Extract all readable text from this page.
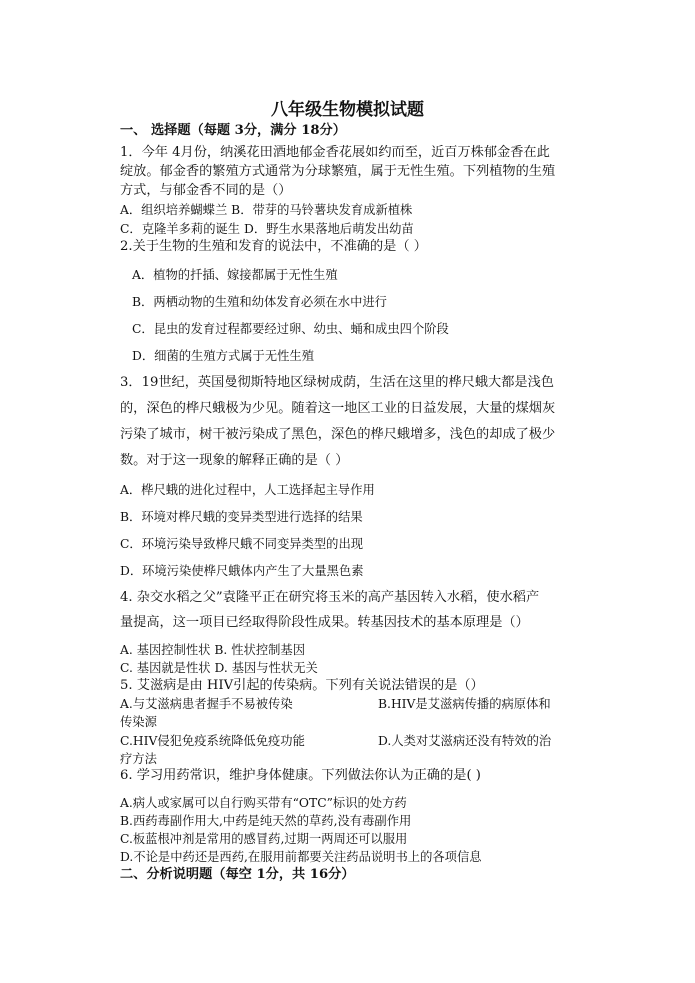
八年级生物模拟试题
一、 选择题（每题 3分，满分 18分）
1．今年 4月份，纳溪花田酒地郁金香花展如约而至，近百万株郁金香在此
绽放。郁金香的繁殖方式通常为分球繁殖，属于无性生殖。下列植物的生殖
方式，与郁金香不同的是（）
A．组织培养蝴蝶兰 B．带芽的马铃薯块发育成新植株
C．克隆羊多莉的诞生 D．野生水果落地后萌发出幼苗
2.关于生物的生殖和发育的说法中，不准确的是（ ）
A．植物的扦插、嫁接都属于无性生殖
B．两栖动物的生殖和幼体发育必须在水中进行
C．昆虫的发育过程都要经过卵、幼虫、蛹和成虫四个阶段
D．细菌的生殖方式属于无性生殖
3．19世纪，英国曼彻斯特地区绿树成荫，生活在这里的桦尺蛾大都是浅色
的，深色的桦尺蛾极为少见。随着这一地区工业的日益发展，大量的煤烟灰
污染了城市，树干被污染成了黑色，深色的桦尺蛾增多，浅色的却成了极少
数。对于这一现象的解释正确的是（ ）
A．桦尺蛾的进化过程中，人工选择起主导作用
B．环境对桦尺蛾的变异类型进行选择的结果
C．环境污染导致桦尺蛾不同变异类型的出现
D．环境污染使桦尺蛾体内产生了大量黑色素
4. 杂交水稻之父”袁隆平正在研究将玉米的高产基因转入水稻，使水稻产
量提高，这一项目已经取得阶段性成果。转基因技术的基本原理是（）
A. 基因控制性状 B. 性状控制基因
C. 基因就是性状 D. 基因与性状无关
5. 艾滋病是由 HIV引起的传染病。下列有关说法错误的是（）
A.与艾滋病患者握手不易被传染	B.HIV是艾滋病传播的病原体和
传染源
C.HIV侵犯免疫系统降低免疫功能	D.人类对艾滋病还没有特效的治
疗方法
6. 学习用药常识，维护身体健康。下列做法你认为正确的是( )
A.病人或家属可以自行购买带有“OTC”标识的处方药
B.西药毒副作用大,中药是纯天然的草药,没有毒副作用
C.板蓝根冲剂是常用的感冒药,过期一两周还可以服用
D.不论是中药还是西药,在服用前都要关注药品说明书上的各项信息
二、分析说明题（每空 1分，共 16分）
